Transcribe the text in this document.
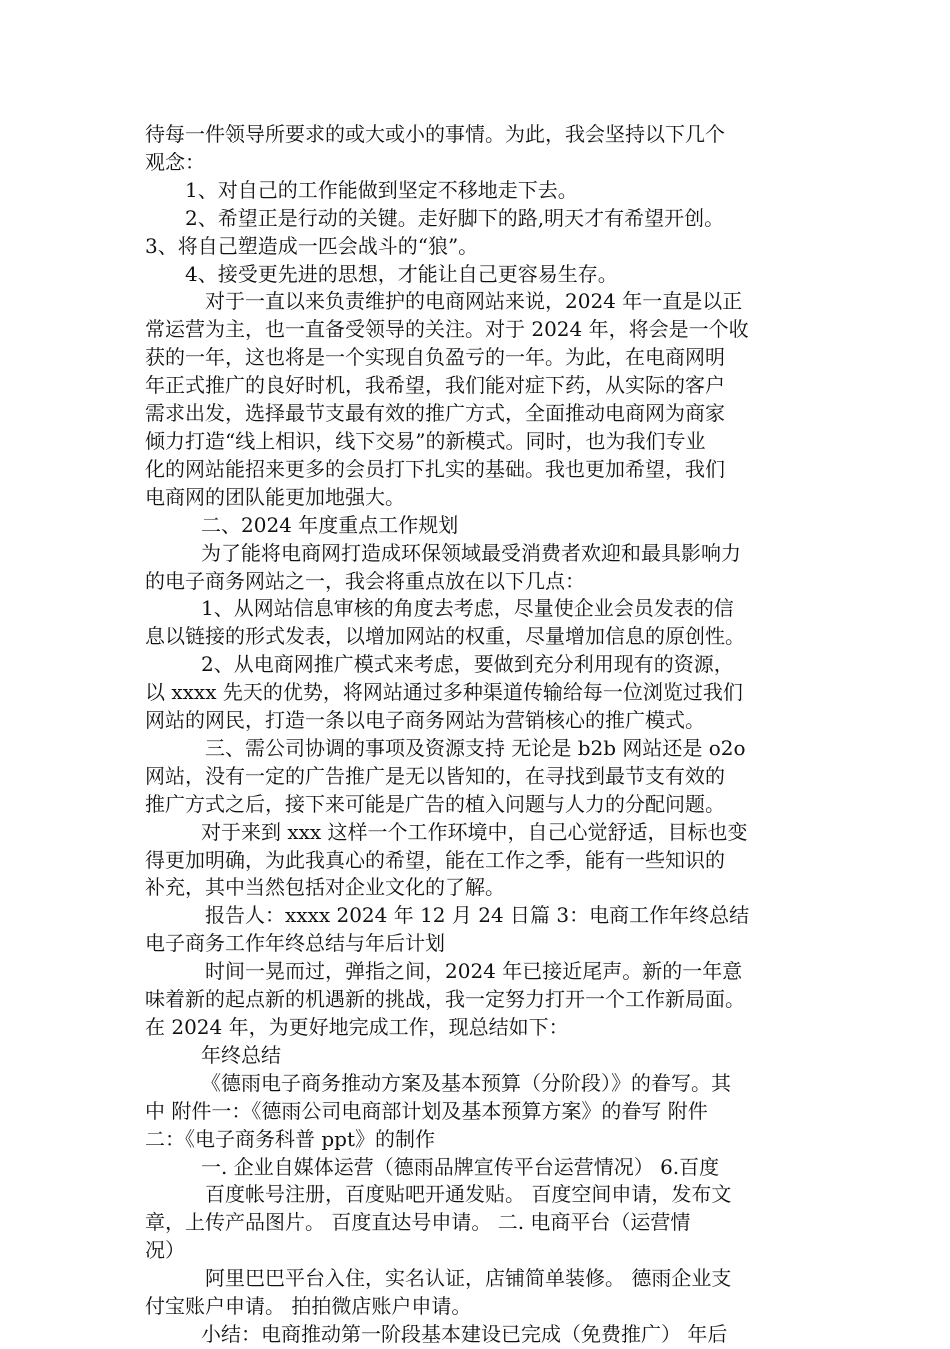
待每一件领导所要求的或大或小的事情。为此，我会坚持以下几个
观念：
1、对自己的工作能做到坚定不移地走下去。
2、希望正是行动的关键。走好脚下的路,明天才有希望开创。
3、将自己塑造成一匹会战斗的“狼”。
4、接受更先进的思想，才能让自己更容易生存。
对于一直以来负责维护的电商网站来说，2024 年一直是以正
常运营为主，也一直备受领导的关注。对于 2024 年，将会是一个收
获的一年，这也将是一个实现自负盈亏的一年。为此，在电商网明
年正式推广的良好时机，我希望，我们能对症下药，从实际的客户
需求出发，选择最节支最有效的推广方式，全面推动电商网为商家
倾力打造“线上相识，线下交易”的新模式。同时，也为我们专业
化的网站能招来更多的会员打下扎实的基础。我也更加希望，我们
电商网的团队能更加地强大。
二、2024 年度重点工作规划
为了能将电商网打造成环保领域最受消费者欢迎和最具影响力
的电子商务网站之一，我会将重点放在以下几点：
1、从网站信息审核的角度去考虑，尽量使企业会员发表的信
息以链接的形式发表，以增加网站的权重，尽量增加信息的原创性。
2、从电商网推广模式来考虑，要做到充分利用现有的资源，
以 xxxx 先天的优势，将网站通过多种渠道传输给每一位浏览过我们
网站的网民，打造一条以电子商务网站为营销核心的推广模式。
三、需公司协调的事项及资源支持 无论是 b2b 网站还是 o2o
网站，没有一定的广告推广是无以皆知的，在寻找到最节支有效的
推广方式之后，接下来可能是广告的植入问题与人力的分配问题。
对于来到 xxx 这样一个工作环境中，自己心觉舒适，目标也变
得更加明确，为此我真心的希望，能在工作之季，能有一些知识的
补充，其中当然包括对企业文化的了解。
报告人：xxxx 2024 年 12 月 24 日篇 3：电商工作年终总结
电子商务工作年终总结与年后计划
时间一晃而过，弹指之间，2024 年已接近尾声。新的一年意
味着新的起点新的机遇新的挑战，我一定努力打开一个工作新局面。
在 2024 年，为更好地完成工作，现总结如下：
年终总结
《德雨电子商务推动方案及基本预算（分阶段）》的眷写。其
中 附件一：《德雨公司电商部计划及基本预算方案》的眷写 附件
二：《电子商务科普 ppt》的制作
一. 企业自媒体运营（德雨品牌宣传平台运营情况） 6.百度
百度帐号注册，百度贴吧开通发贴。 百度空间申请，发布文
章，上传产品图片。 百度直达号申请。 二. 电商平台（运营情
况）
阿里巴巴平台入住，实名认证，店铺简单装修。 德雨企业支
付宝账户申请。 拍拍微店账户申请。
小结：电商推动第一阶段基本建设已完成（免费推广） 年后
